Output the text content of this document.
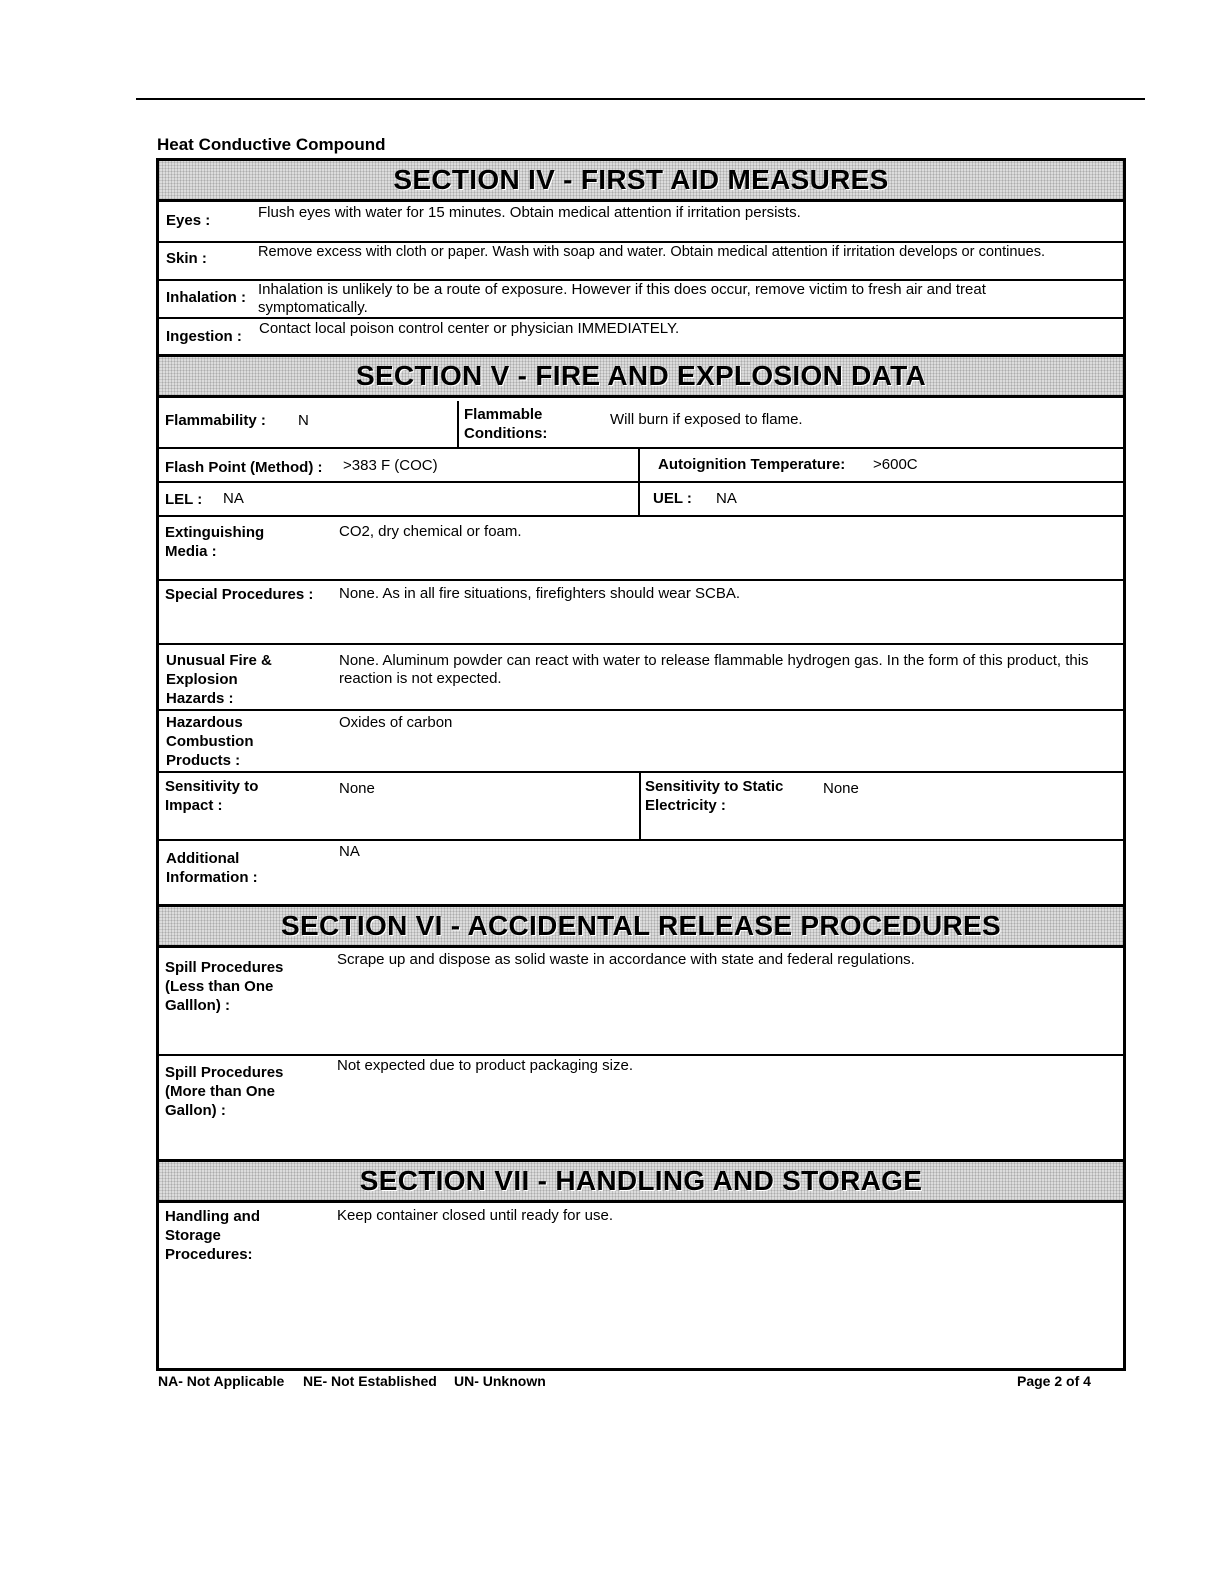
Heat Conductive Compound
SECTION IV - FIRST AID MEASURES
Eyes :	Flush eyes with water for 15 minutes. Obtain medical attention if irritation persists.
Skin :	Remove excess with cloth or paper. Wash with soap and water. Obtain medical attention if irritation develops or continues.
Inhalation : Inhalation is unlikely to be a route of exposure. However if this does occur, remove victim to fresh air and treat symptomatically.
Ingestion : Contact local poison control center or physician IMMEDIATELY.
SECTION V - FIRE AND EXPLOSION DATA
Flammability : N	Flammable Conditions:
Will burn if exposed to flame.
Flash Point (Method) : >383 F (COC)	Autoignition Temperature: >600C
LEL : NA	UEL : NA
Extinguishing Media :
CO2, dry chemical or foam.
Special Procedures : None. As in all fire situations, firefighters should wear SCBA.
Unusual Fire & Explosion Hazards :
None. Aluminum powder can react with water to release flammable hydrogen gas. In the form of this product, this reaction is not expected.
Hazardous Combustion Products :
Oxides of carbon
Sensitivity to Impact :
None	Sensitivity to Static Electricity :
None
Additional Information :
NA
SECTION VI - ACCIDENTAL RELEASE PROCEDURES
Spill Procedures (Less than One Galllon) :
Scrape up and dispose as solid waste in accordance with state and federal regulations.
Spill Procedures (More than One Gallon) :
Not expected due to product packaging size.
SECTION VII - HANDLING AND STORAGE
Handling and Storage Procedures:
Keep container closed until ready for use.
NA- Not Applicable NE- Not Established UN- Unknown	Page 2 of 4
